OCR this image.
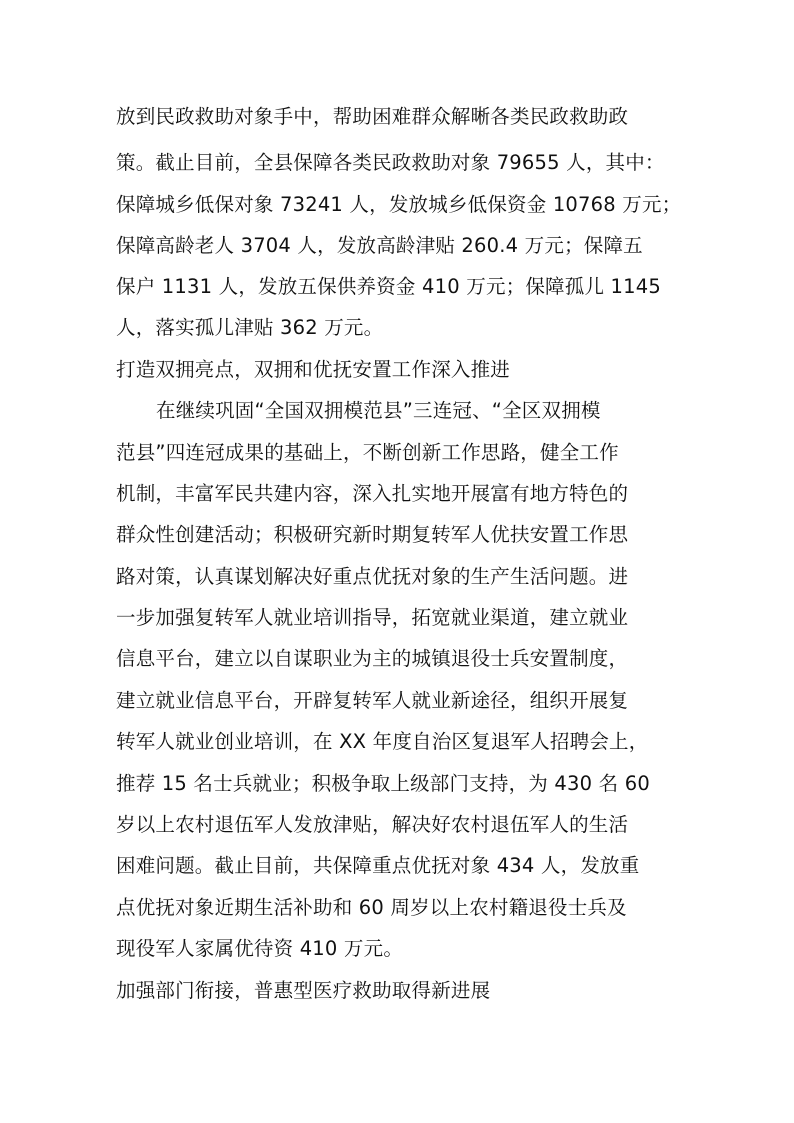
放到民政救助对象手中，帮助困难群众解晰各类民政救助政

策。截止目前，全县保障各类民政救助对象 79655 人，其中：

保障城乡低保对象 73241 人，发放城乡低保资金 10768 万元；

保障高龄老人 3704 人，发放高龄津贴 260.4 万元；保障五

保户 1131 人，发放五保供养资金 410 万元；保障孤儿 1145

人，落实孤儿津贴 362 万元。

打造双拥亮点，双拥和优抚安置工作深入推进

在继续巩固“全国双拥模范县”三连冠、“全区双拥模

范县”四连冠成果的基础上，不断创新工作思路，健全工作

机制，丰富军民共建内容，深入扎实地开展富有地方特色的

群众性创建活动；积极研究新时期复转军人优扶安置工作思

路对策，认真谋划解决好重点优抚对象的生产生活问题。进

一步加强复转军人就业培训指导，拓宽就业渠道，建立就业

信息平台，建立以自谋职业为主的城镇退役士兵安置制度，

建立就业信息平台，开辟复转军人就业新途径，组织开展复

转军人就业创业培训，在 XX 年度自治区复退军人招聘会上，

推荐 15 名士兵就业；积极争取上级部门支持，为 430 名 60

岁以上农村退伍军人发放津贴，解决好农村退伍军人的生活

困难问题。截止目前，共保障重点优抚对象 434 人，发放重

点优抚对象近期生活补助和 60 周岁以上农村籍退役士兵及

现役军人家属优待资 410 万元。

加强部门衔接，普惠型医疗救助取得新进展
